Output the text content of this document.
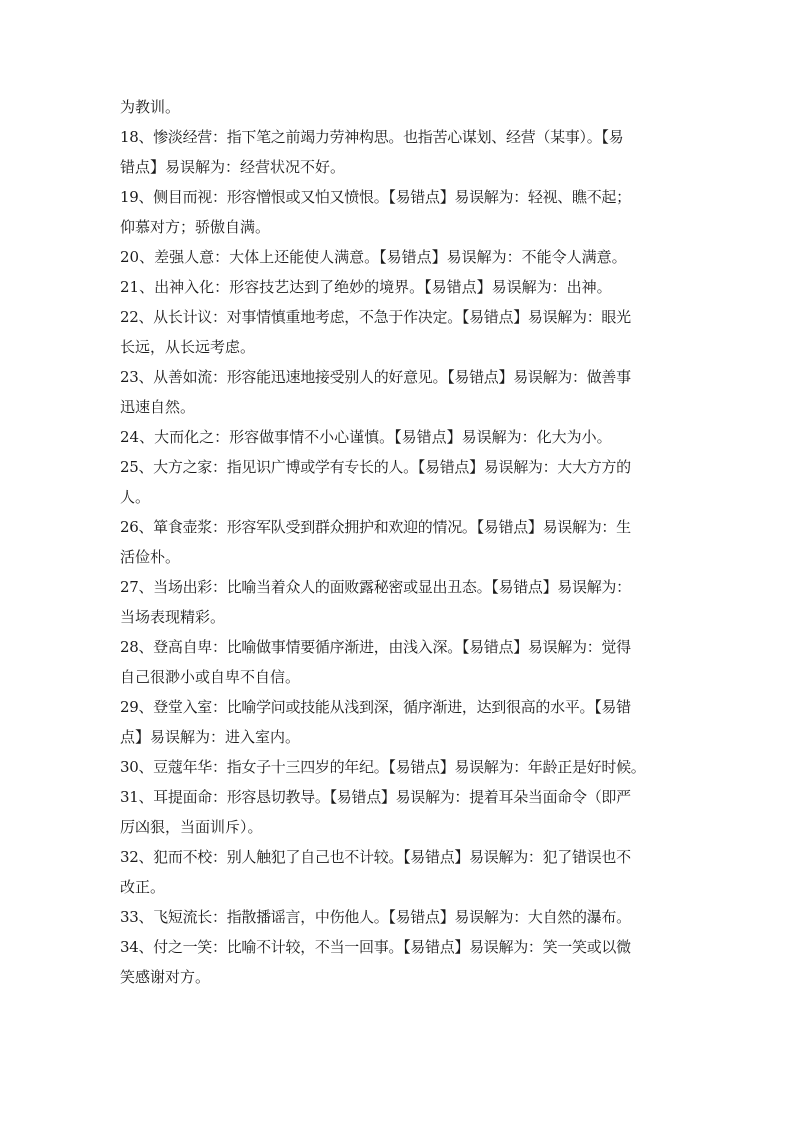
为教训。
18、惨淡经营：指下笔之前竭力劳神构思。也指苦心谋划、经营（某事）。【易
错点】易误解为：经营状况不好。
19、侧目而视：形容憎恨或又怕又愤恨。【易错点】易误解为：轻视、瞧不起；
仰慕对方；骄傲自满。
20、差强人意：大体上还能使人满意。【易错点】易误解为：不能令人满意。
21、出神入化：形容技艺达到了绝妙的境界。【易错点】易误解为：出神。
22、从长计议：对事情慎重地考虑，不急于作决定。【易错点】易误解为：眼光
长远，从长远考虑。
23、从善如流：形容能迅速地接受别人的好意见。【易错点】易误解为：做善事
迅速自然。
24、大而化之：形容做事情不小心谨慎。【易错点】易误解为：化大为小。
25、大方之家：指见识广博或学有专长的人。【易错点】易误解为：大大方方的
人。
26、箪食壶浆：形容军队受到群众拥护和欢迎的情况。【易错点】易误解为：生
活俭朴。
27、当场出彩：比喻当着众人的面败露秘密或显出丑态。【易错点】易误解为：
当场表现精彩。
28、登高自卑：比喻做事情要循序渐进，由浅入深。【易错点】易误解为：觉得
自己很渺小或自卑不自信。
29、登堂入室：比喻学问或技能从浅到深，循序渐进，达到很高的水平。【易错
点】易误解为：进入室内。
30、豆蔻年华：指女子十三四岁的年纪。【易错点】易误解为：年龄正是好时候。
31、耳提面命：形容恳切教导。【易错点】易误解为：提着耳朵当面命令（即严
厉凶狠，当面训斥）。
32、犯而不校：别人触犯了自己也不计较。【易错点】易误解为：犯了错误也不
改正。
33、飞短流长：指散播谣言，中伤他人。【易错点】易误解为：大自然的瀑布。
34、付之一笑：比喻不计较，不当一回事。【易错点】易误解为：笑一笑或以微
笑感谢对方。
